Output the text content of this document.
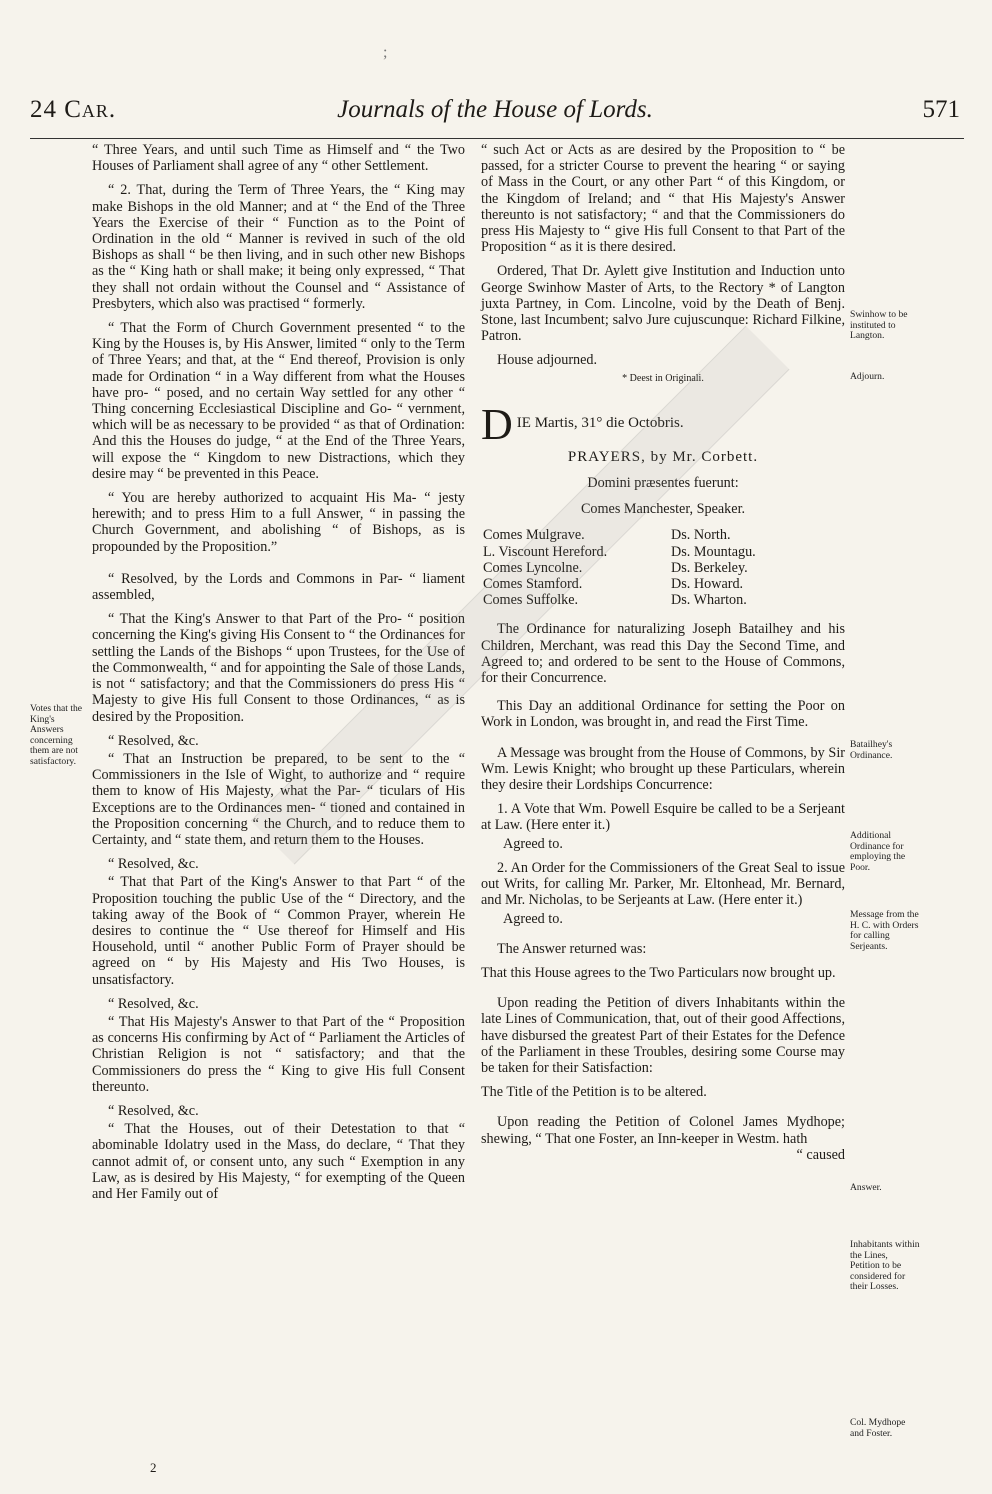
;
24 Car.	Journals of the House of Lords.	571

“ Three Years, and until such Time as Himself and “ the Two Houses of Parliament shall agree of any “ other Settlement.

“ 2. That, during the Term of Three Years, the “ King may make Bishops in the old Manner; and at “ the End of the Three Years the Exercise of their “ Function as to the Point of Ordination in the old “ Manner is revived in such of the old Bishops as shall “ be then living, and in such other new Bishops as the “ King hath or shall make; it being only expressed, “ That they shall not ordain without the Counsel and “ Assistance of Presbyters, which also was practised “ formerly.

“ That the Form of Church Government presented “ to the King by the Houses is, by His Answer, limited “ only to the Term of Three Years; and that, at the “ End thereof, Provision is only made for Ordination “ in a Way different from what the Houses have pro- “ posed, and no certain Way settled for any other “ Thing concerning Ecclesiastical Discipline and Go- “ vernment, which will be as necessary to be provided “ as that of Ordination: And this the Houses do judge, “ at the End of the Three Years, will expose the “ Kingdom to new Distractions, which they desire may “ be prevented in this Peace.

“ You are hereby authorized to acquaint His Ma- “ jesty herewith; and to press Him to a full Answer, “ in passing the Church Government, and abolishing “ of Bishops, as is propounded by the Proposition.”

“ Resolved, by the Lords and Commons in Par- “ liament assembled,

“ That the King's Answer to that Part of the Pro- “ position concerning the King's giving His Consent to “ the Ordinances for settling the Lands of the Bishops “ upon Trustees, for the Use of the Commonwealth, “ and for appointing the Sale of those Lands, is not “ satisfactory; and that the Commissioners do press His “ Majesty to give His full Consent to those Ordinances, “ as is desired by the Proposition.

“ Resolved, &c.

“ That an Instruction be prepared, to be sent to the “ Commissioners in the Isle of Wight, to authorize and “ require them to know of His Majesty, what the Par- “ ticulars of His Exceptions are to the Ordinances men- “ tioned and contained in the Proposition concerning “ the Church, and to reduce them to Certainty, and “ state them, and return them to the Houses.

“ Resolved, &c.

“ That that Part of the King's Answer to that Part “ of the Proposition touching the public Use of the “ Directory, and the taking away of the Book of “ Common Prayer, wherein He desires to continue the “ Use thereof for Himself and His Household, until “ another Public Form of Prayer should be agreed on “ by His Majesty and His Two Houses, is unsatisfactory.

“ Resolved, &c.

“ That His Majesty's Answer to that Part of the “ Proposition as concerns His confirming by Act of “ Parliament the Articles of Christian Religion is not “ satisfactory; and that the Commissioners do press the “ King to give His full Consent thereunto.

“ Resolved, &c.

“ That the Houses, out of their Detestation to that “ abominable Idolatry used in the Mass, do declare, “ That they cannot admit of, or consent unto, any such “ Exemption in any Law, as is desired by His Majesty, “ for exempting of the Queen and Her Family out of

2
Votes that the King's Answers concerning them are not satisfactory.

“ such Act or Acts as are desired by the Proposition to “ be passed, for a stricter Course to prevent the hearing “ or saying of Mass in the Court, or any other Part “ of this Kingdom, or the Kingdom of Ireland; and “ that His Majesty's Answer thereunto is not satisfactory; “ and that the Commissioners do press His Majesty to “ give His full Consent to that Part of the Proposition “ as it is there desired.

Ordered, That Dr. Aylett give Institution and Induction unto George Swinhow Master of Arts, to the Rectory * of Langton juxta Partney, in Com. Lincolne, void by the Death of Benj. Stone, last Incumbent; salvo Jure cujuscunque: Richard Filkine, Patron.

House adjourned.

* Deest in Originali.

D IE Martis, 31° die Octobris.

PRAYERS, by Mr. Corbett.

Domini præsentes fuerunt:

Comes Manchester, Speaker.

Comes Mulgrave.
L. Viscount Hereford.
Comes Lyncolne.
Comes Stamford.
Comes Suffolke.
Ds. North.
Ds. Mountagu.
Ds. Berkeley.
Ds. Howard.
Ds. Wharton.

The Ordinance for naturalizing Joseph Batailhey and his Children, Merchant, was read this Day the Second Time, and Agreed to; and ordered to be sent to the House of Commons, for their Concurrence.

This Day an additional Ordinance for setting the Poor on Work in London, was brought in, and read the First Time.

A Message was brought from the House of Commons, by Sir Wm. Lewis Knight; who brought up these Particulars, wherein they desire their Lordships Concurrence:

1. A Vote that Wm. Powell Esquire be called to be a Serjeant at Law. (Here enter it.)

Agreed to.

2. An Order for the Commissioners of the Great Seal to issue out Writs, for calling Mr. Parker, Mr. Eltonhead, Mr. Bernard, and Mr. Nicholas, to be Serjeants at Law. (Here enter it.)

Agreed to.

The Answer returned was:

That this House agrees to the Two Particulars now brought up.

Upon reading the Petition of divers Inhabitants within the late Lines of Communication, that, out of their good Affections, have disbursed the greatest Part of their Estates for the Defence of the Parliament in these Troubles, desiring some Course may be taken for their Satisfaction:

The Title of the Petition is to be altered.

Upon reading the Petition of Colonel James Mydhope; shewing, “ That one Foster, an Inn-keeper in Westm. hath

“ caused

Swinhow to be instituted to Langton.
Adjourn.
Batailhey's Ordinance.
Additional Ordinance for employing the Poor.
Message from the H. C. with Orders for calling Serjeants.
Answer.
Inhabitants within the Lines, Petition to be considered for their Losses.
Col. Mydhope and Foster.
